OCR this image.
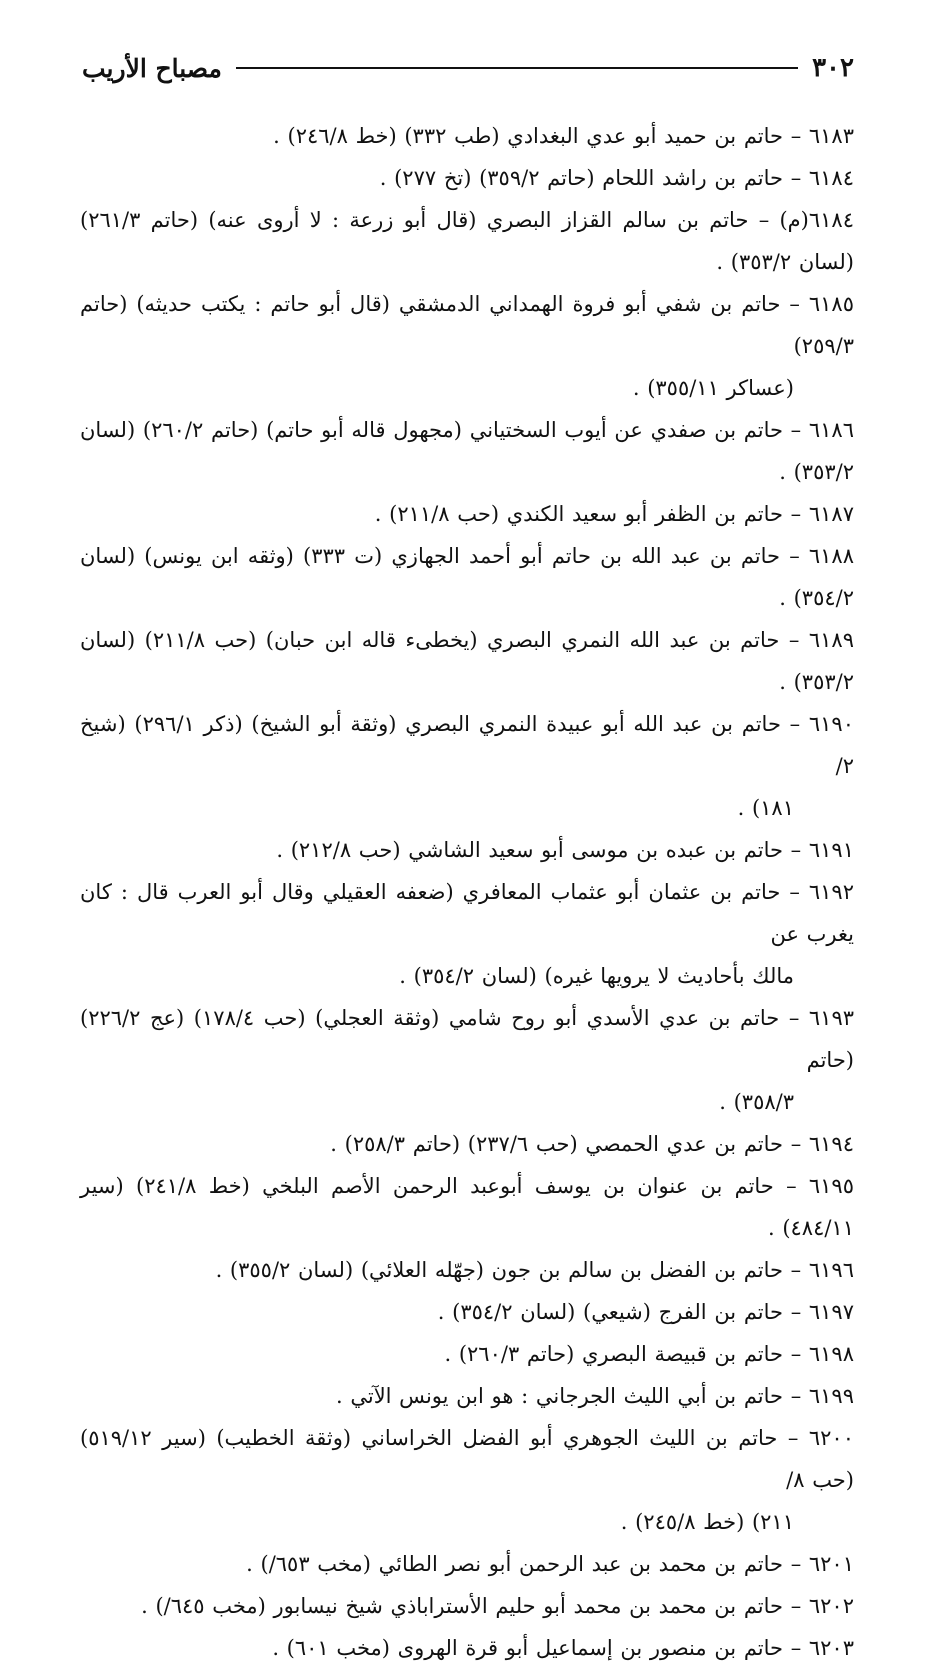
٣٠٢
مصباح الأريب
٦١٨٣ – حاتم بن حميد أبو عدي البغدادي (طب ٣٣٢) (خط ٢٤٦/٨) .
٦١٨٤ – حاتم بن راشد اللحام (حاتم ٣٥٩/٢) (تخ ٢٧٧) .
٦١٨٤(م) – حاتم بن سالم القزاز البصري (قال أبو زرعة : لا أروى عنه) (حاتم ٢٦١/٣) (لسان ٣٥٣/٢) .
٦١٨٥ – حاتم بن شفي أبو فروة الهمداني الدمشقي (قال أبو حاتم : يكتب حديثه) (حاتم ٢٥٩/٣)
(عساكر ٣٥٥/١١) .
٦١٨٦ – حاتم بن صفدي عن أيوب السختياني (مجهول قاله أبو حاتم) (حاتم ٢٦٠/٢) (لسان ٣٥٣/٢) .
٦١٨٧ – حاتم بن الظفر أبو سعيد الكندي (حب ٢١١/٨) .
٦١٨٨ – حاتم بن عبد الله بن حاتم أبو أحمد الجهازي (ت ٣٣٣) (وثقه ابن يونس) (لسان ٣٥٤/٢) .
٦١٨٩ – حاتم بن عبد الله النمري البصري (يخطىء قاله ابن حبان) (حب ٢١١/٨) (لسان ٣٥٣/٢) .
٦١٩٠ – حاتم بن عبد الله أبو عبيدة النمري البصري (وثقة أبو الشيخ) (ذكر ٢٩٦/١) (شيخ ٢/
١٨١) .
٦١٩١ – حاتم بن عبده بن موسى أبو سعيد الشاشي (حب ٢١٢/٨) .
٦١٩٢ – حاتم بن عثمان أبو عثماب المعافري (ضعفه العقيلي وقال أبو العرب قال : كان يغرب عن
مالك بأحاديث لا يرويها غيره) (لسان ٣٥٤/٢) .
٦١٩٣ – حاتم بن عدي الأسدي أبو روح شامي (وثقة العجلي) (حب ١٧٨/٤) (عج ٢٢٦/٢) (حاتم
٣٥٨/٣) .
٦١٩٤ – حاتم بن عدي الحمصي (حب ٢٣٧/٦) (حاتم ٢٥٨/٣) .
٦١٩٥ – حاتم بن عنوان بن يوسف أبوعبد الرحمن الأصم البلخي (خط ٢٤١/٨) (سير ٤٨٤/١١) .
٦١٩٦ – حاتم بن الفضل بن سالم بن جون (جهّله العلائي) (لسان ٣٥٥/٢) .
٦١٩٧ – حاتم بن الفرج (شيعي) (لسان ٣٥٤/٢) .
٦١٩٨ – حاتم بن قبيصة البصري (حاتم ٢٦٠/٣) .
٦١٩٩ – حاتم بن أبي الليث الجرجاني : هو ابن يونس الآتي .
٦٢٠٠ – حاتم بن الليث الجوهري أبو الفضل الخراساني (وثقة الخطيب) (سير ٥١٩/١٢) (حب ٨/
٢١١) (خط ٢٤٥/٨) .
٦٢٠١ – حاتم بن محمد بن عبد الرحمن أبو نصر الطائي (مخب ٦٥٣/) .
٦٢٠٢ – حاتم بن محمد بن محمد أبو حليم الأستراباذي شيخ نيسابور (مخب ٦٤٥/) .
٦٢٠٣ – حاتم بن منصور بن إسماعيل أبو قرة الهروى (مخب ٦٠١) .
